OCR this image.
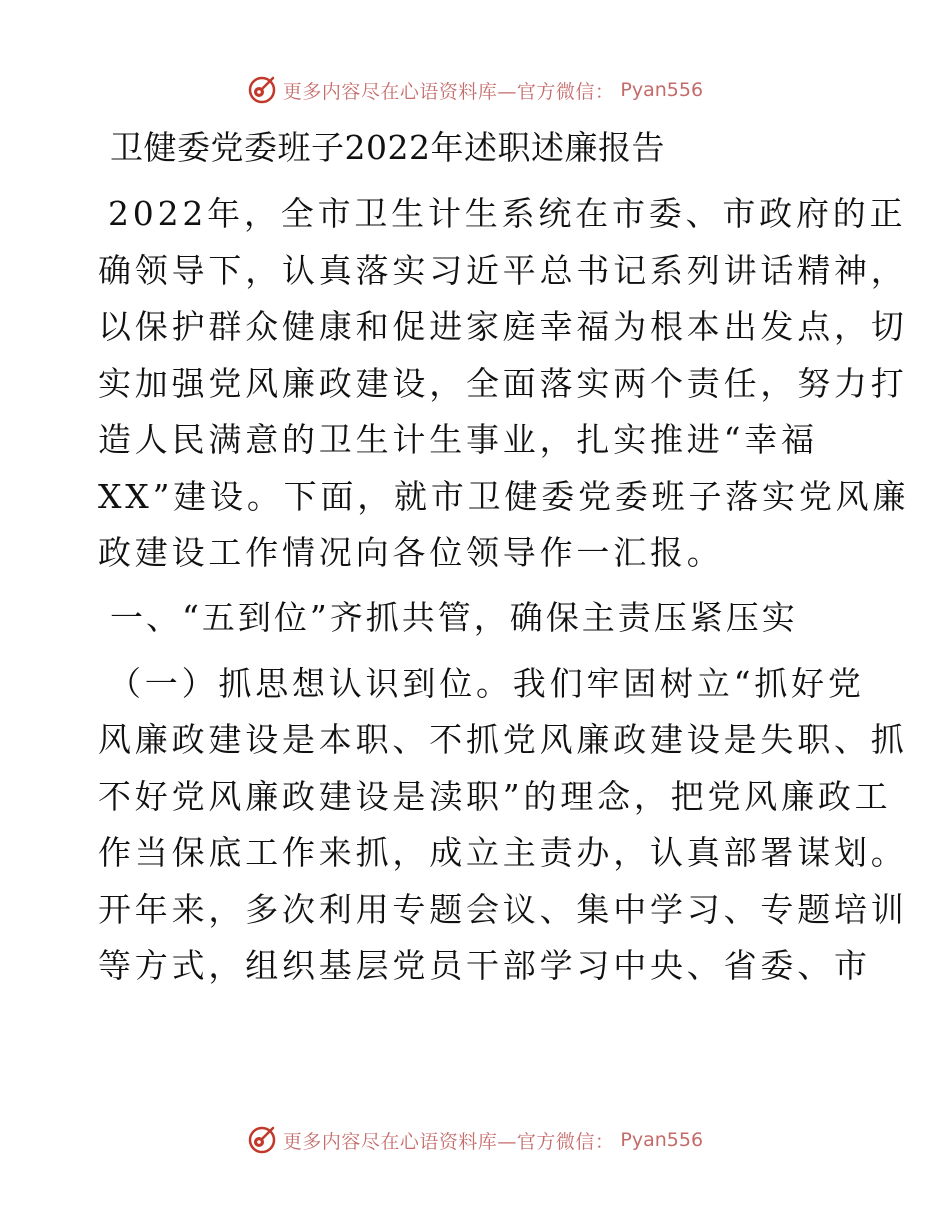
更多内容尽在心语资料库—官方微信： Pyan556
卫健委党委班子2022年述职述廉报告
2022年，全市卫生计生系统在市委、市政府的正
确领导下，认真落实习近平总书记系列讲话精神，
以保护群众健康和促进家庭幸福为根本出发点，切
实加强党风廉政建设，全面落实两个责任，努力打
造人民满意的卫生计生事业，扎实推进“幸福
XX”建设。下面，就市卫健委党委班子落实党风廉
政建设工作情况向各位领导作一汇报。
一、“五到位”齐抓共管，确保主责压紧压实
（一）抓思想认识到位。我们牢固树立“抓好党
风廉政建设是本职、不抓党风廉政建设是失职、抓
不好党风廉政建设是渎职”的理念，把党风廉政工
作当保底工作来抓，成立主责办，认真部署谋划。
开年来，多次利用专题会议、集中学习、专题培训
等方式，组织基层党员干部学习中央、省委、市
更多内容尽在心语资料库—官方微信： Pyan556
